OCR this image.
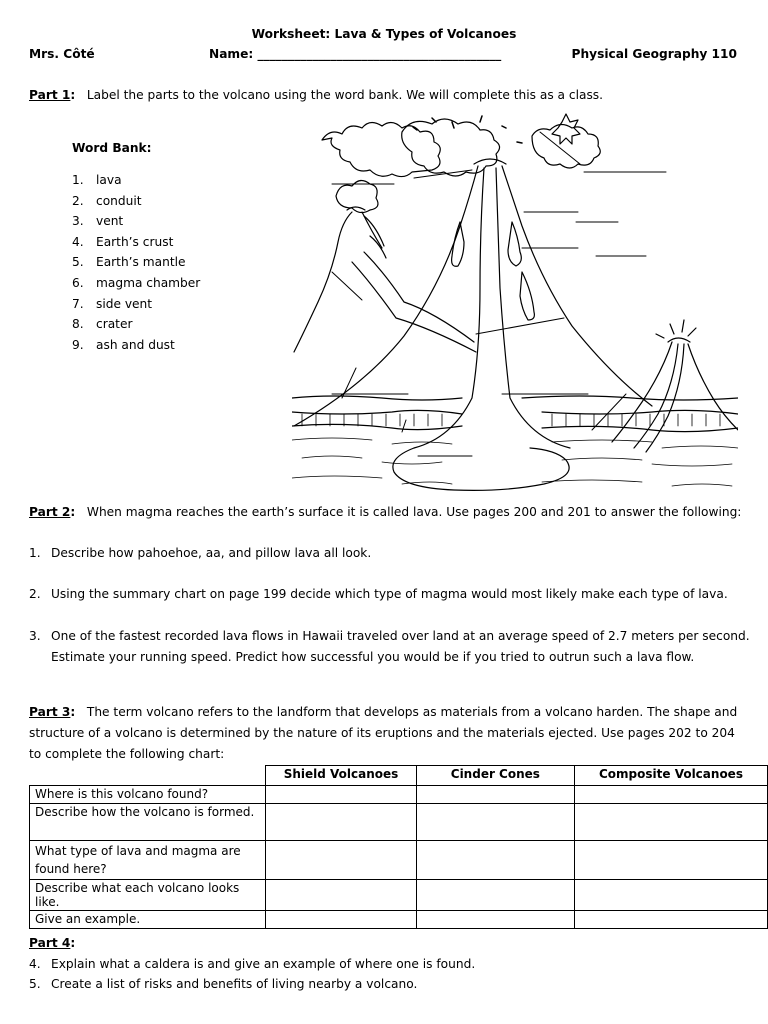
Worksheet: Lava & Types of Volcanoes
Mrs. Côté	Name: ________________________________________	Physical Geography 110
Part 1: Label the parts to the volcano using the word bank. We will complete this as a class.
Word Bank:
1. lava
2. conduit
3. vent
4. Earth’s crust
5. Earth’s mantle
6. magma chamber
7. side vent
8. crater
9. ash and dust
Part 2: When magma reaches the earth’s surface it is called lava. Use pages 200 and 201 to answer the following:
1. Describe how pahoehoe, aa, and pillow lava all look.
2. Using the summary chart on page 199 decide which type of magma would most likely make each type of lava.
3. One of the fastest recorded lava flows in Hawaii traveled over land at an average speed of 2.7 meters per second.
Estimate your running speed. Predict how successful you would be if you tried to outrun such a lava flow.
Part 3: The term volcano refers to the landform that develops as materials from a volcano harden. The shape and structure of a volcano is determined by the nature of its eruptions and the materials ejected. Use pages 202 to 204 to complete the following chart:
	Shield Volcanoes	Cinder Cones	Composite Volcanoes
Where is this volcano found?			
Describe how the volcano is formed.			
What type of lava and magma are found here?			
Describe what each volcano looks like.			
Give an example.			
Part 4:
4. Explain what a caldera is and give an example of where one is found.
5. Create a list of risks and benefits of living nearby a volcano.
